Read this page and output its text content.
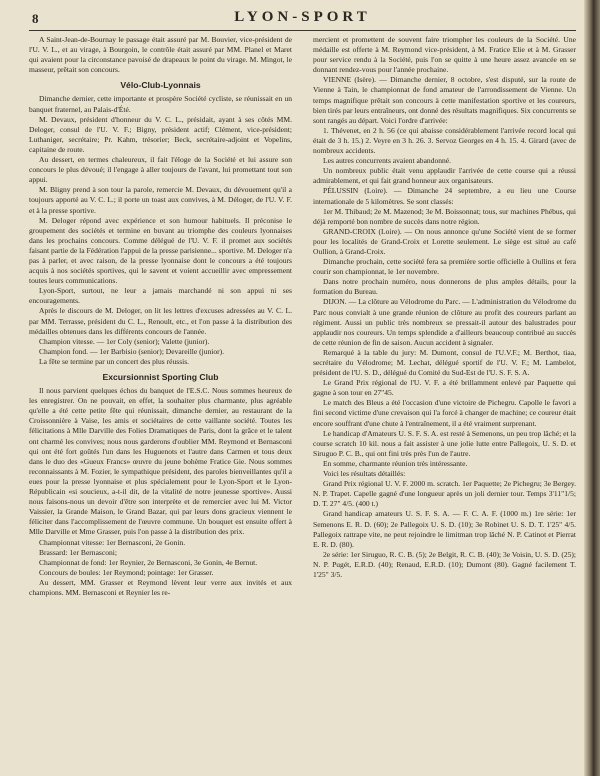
8	LYON-SPORT

A Saint-Jean-de-Bournay le passage était assuré par M. Bouvier, vice-président de l'U. V. L., et au virage, à Bourgoin, le contrôle était assuré par MM. Planel et Maret qui avaient pour la circonstance pavoisé de drapeaux le point du virage. M. Mingot, le masseur, prêtait son concours.

Vélo-Club-Lyonnais

Dimanche dernier, cette importante et prospère Société cycliste, se réunissait en un banquet fraternel, au Palais-d'Été.

M. Devaux, président d'honneur du V. C. L., présidait, ayant à ses côtés MM. Deloger, consul de l'U. V. F.; Bigny, président actif; Clément, vice-président; Luthaniger, secrétaire; Pr. Kahm, trésorier; Beck, secrétaire-adjoint et Vopelins, capitaine de route.

Au dessert, en termes chaleureux, il fait l'éloge de la Société et lui assure son concours le plus dévoué; il l'engage à aller toujours de l'avant, lui promettant tout son appui.

M. Bligny prend à son tour la parole, remercie M. Devaux, du dévouement qu'il a toujours apporté au V. C. L.; il porte un toast aux convives, à M. Déloger, de l'U. V. F. et à la presse sportive.

M. Deloger répond avec expérience et son humour habituels. Il préconise le groupement des sociétés et termine en buvant au triomphe des couleurs lyonnaises dans les prochains concours. Comme délégué de l'U. V. F. il promet aux sociétés faisant partie de la Fédération l'appui de la presse parisienne... sportive. M. Deloger n'a pas à parler, et avec raison, de la presse lyonnaise dont le concours a été toujours acquis à nos sociétés sportives, qui le savent et voient accueillir avec empressement toutes leurs communications.

Lyon-Sport, surtout, ne leur a jamais marchandé ni son appui ni ses encouragements.

Après le discours de M. Deloger, on lit les lettres d'excuses adressées au V. C. L. par MM. Terrasse, président du C. L., Renoult, etc., et l'on passe à la distribution des médailles obtenues dans les différents concours de l'année.

Champion vitesse. — 1er Coly (senior); Valette (junior).

Champion fond. — 1er Barbisio (senior); Devareille (junior).

La fête se termine par un concert des plus réussis.

Excursionnist Sporting Club

Il nous parvient quelques échos du banquet de l'E.S.C. Nous sommes heureux de les enregistrer. On ne pouvait, en effet, la souhaiter plus charmante, plus agréable qu'elle a été cette petite fête qui réunissait, dimanche dernier, au restaurant de la Croissonnière à Vaise, les amis et sociétaires de cette vaillante société. Toutes les félicitations à Mlle Darville des Folies Dramatiques de Paris, dont la grâce et le talent ont charmé les convives; nous nous garderons d'oublier MM. Reymond et Bernasconi qui ont été fort goûtés l'un dans les Huguenots et l'autre dans Carmen et tous deux dans le duo des «Gueux Francs» œuvre du jeune bohème Fratice Gie. Nous sommes reconnaissants à M. Fozier, le sympathique président, des paroles bienveillantes qu'il a eues pour la presse lyonnaise et plus spécialement pour le Lyon-Sport et le Lyon-Républicain «si soucieux, a-t-il dit, de la vitalité de notre jeunesse sportive». Aussi nous faisons-nous un devoir d'être son interprète et de remercier avec lui M. Victor Vaissier, la Grande Maison, le Grand Bazar, qui par leurs dons gracieux viennent le féliciter dans l'accomplissement de l'œuvre commune. Un bouquet est ensuite offert à Mlle Darville et Mme Grasser, puis l'on passe à la distribution des prix.

Championnat vitesse: 1er Bernasconi, 2e Gonin.

Brassard: 1er Bernasconi;

Championnat de fond: 1er Reynier, 2e Bernasconi, 3e Gonin, 4e Bernut.

Concours de boules: 1er Reymond; pointage: 1er Grasser.

Au dessert, MM. Grasser et Reymond lèvent leur verre aux invités et aux champions. MM. Bernasconi et Reynier les re-

mercient et promettent de souvent faire triompher les couleurs de la Société. Une médaille est offerte à M. Reymond vice-président, à M. Fratice Elie et à M. Grasser pour service rendu à la Société, puis l'on se quitte à une heure assez avancée en se donnant rendez-vous pour l'année prochaine.

VIENNE (Isère). — Dimanche dernier, 8 octobre, s'est disputé, sur la route de Vienne à Tain, le championnat de fond amateur de l'arrondissement de Vienne. Un temps magnifique prêtait son concours à cette manifestation sportive et les coureurs, bien tirés par leurs entraîneurs, ont donné des résultats magnifiques. Six concurrents se sont rangés au départ. Voici l'ordre d'arrivée:

1. Thévenet, en 2 h. 56 (ce qui abaisse considérablement l'arrivée record local qui était de 3 h. 15.) 2. Veyre en 3 h. 26. 3. Servoz Georges en 4 h. 15. 4. Girard (avec de nombreux accidents.

Les autres concurrents avaient abandonné.

Un nombreux public était venu applaudir l'arrivée de cette course qui a réussi admirablement, et qui fait grand honneur aux organisateurs.

PÉLUSSIN (Loire). — Dimanche 24 septembre, a eu lieu une Course internationale de 5 kilomètres. Se sont classés:

1er M. Thibaud; 2e M. Mazenod; 3e M. Boissonnat; tous, sur machines Phébus, qui déjà remporté bon nombre de succès dans notre région.

GRAND-CROIX (Loire). — On nous annonce qu'une Société vient de se former pour les localités de Grand-Croix et Lorette seulement. Le siège est situé au café Oullion, à Grand-Croix.

Dimanche prochain, cette société fera sa première sortie officielle à Oullins et fera courir son championnat, le 1er novembre.

Dans notre prochain numéro, nous donnerons de plus amples détails, pour la formation du Bureau.

DIJON. — La clôture au Vélodrome du Parc. — L'administration du Vélodrome du Parc nous convialt à une grande réunion de clôture au profit des coureurs parlant au régiment. Aussi un public très nombreux se pressait-il autour des balustrades pour applaudir nos coureurs. Un temps splendide a d'ailleurs beaucoup contribué au succès de cette réunion de fin de saison. Aucun accident à signaler.

Remarqué à la table du jury: M. Dumont, consul de l'U.V.F.; M. Berthot, tiaa, secrétaire du Vélodrome; M. Lechat, délégué sportif de l'U. V. F.; M. Lambelot, président de l'U. S. D., délégué du Comité du Sud-Est de l'U. S. F. S. A.

Le Grand Prix régional de l'U. V. F. a été brillamment enlevé par Paquette qui gagne à son tour en 27"45.

Le match des Bleus a été l'occasion d'une victoire de Pichegru. Capolle le favori a fini second victime d'une crevaison qui l'a forcé à changer de machine; ce coureur était encore souffrant d'une chute à l'entraînement, il a été vraiment surprenant.

Le handicap d'Amateurs U. S. F. S. A. est resté à Semenons, un peu trop lâché; et la course scratch 10 kil. nous a fait assister à une jolie lutte entre Pallegoix, U. S. D. et Siruguo P. C. B., qui ont fini très près l'un de l'autre.

En somme, charmante réunion très intéressante.

Voici les résultats détaillés:

Grand Prix régional U. V. F. 2000 m. scratch. 1er Paquette; 2e Pichegru; 3e Bergey. N. P. Trapet. Capelle gagné d'une longueur après un joli dernier tour. Temps 3'11"1/5; D. T. 27" 4/5. (400 t.)

Grand handicap amateurs U. S. F. S. A. — F. C. A. F. (1000 m.) 1re série: 1er Semenons E. R. D. (60); 2e Pallegoix U. S. D. (10); 3e Robinet U. S. D. T. 1'25" 4/5. Pallegoix rattrape vite, ne peut rejoindre le limitman trop lâché N. P. Catinot et Pierrat E. R. D. (80).

2e série: 1er Siruguo, R. C. B. (5); 2e Belgit, R. C. B. (40); 3e Voisin, U. S. D. (25); N. P. Pugét, E.R.D. (40); Renaud, E.R.D. (10); Dumont (80). Gagné facilement T. 1'25" 3/5.
